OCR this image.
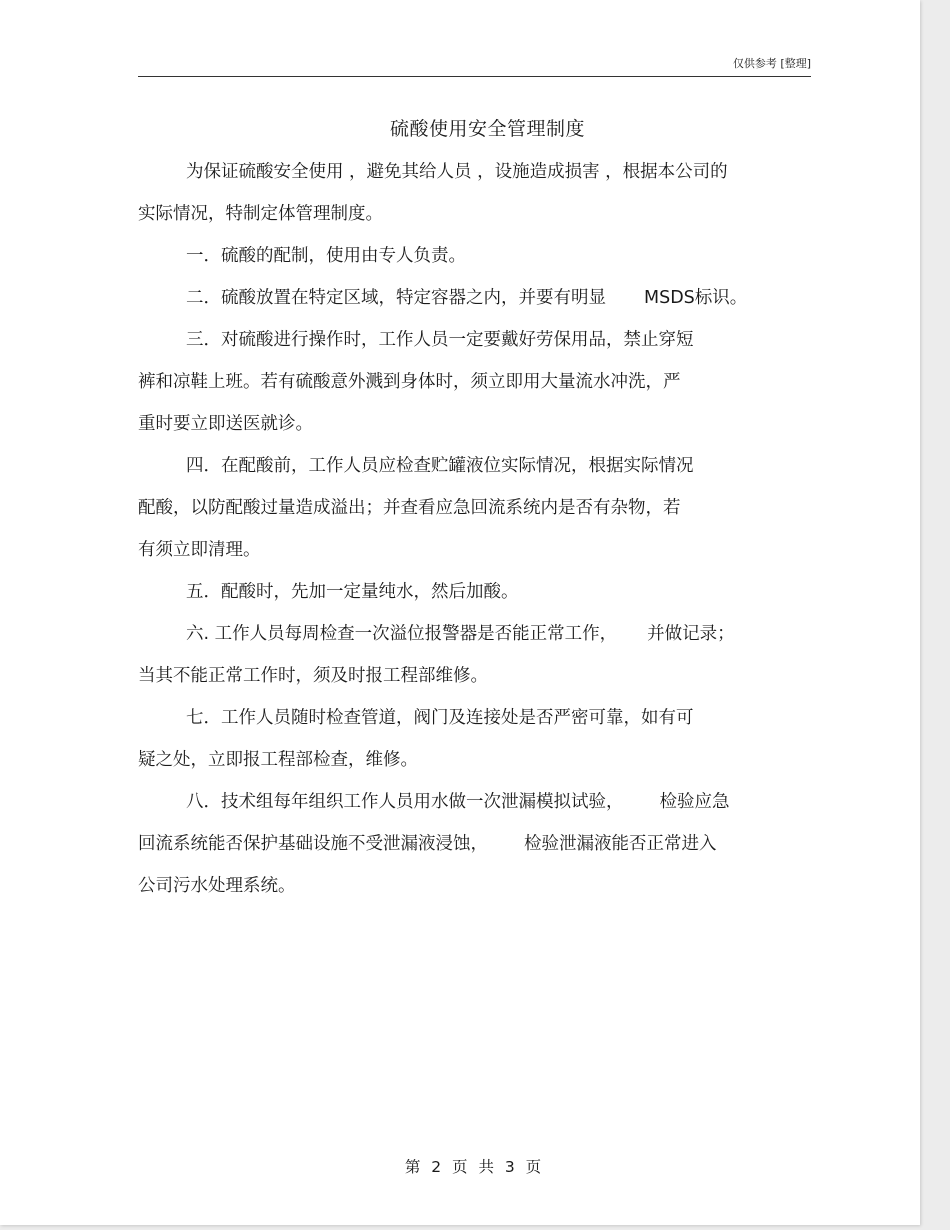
仅供参考 [整理]
硫酸使用安全管理制度
为保证硫酸安全使用 ，避免其给人员 ，设施造成损害 ，根据本公司的
实际情况，特制定体管理制度。
一．硫酸的配制，使用由专人负责。
二．硫酸放置在特定区域，特定容器之内，并要有明显 MSDS标识。
三．对硫酸进行操作时，工作人员一定要戴好劳保用品，禁止穿短
裤和凉鞋上班。若有硫酸意外溅到身体时，须立即用大量流水冲洗，严
重时要立即送医就诊。
四．在配酸前，工作人员应检查贮罐液位实际情况，根据实际情况
配酸，以防配酸过量造成溢出；并查看应急回流系统内是否有杂物，若
有须立即清理。
五．配酸时，先加一定量纯水，然后加酸。
六. 工作人员每周检查一次溢位报警器是否能正常工作， 并做记录；
当其不能正常工作时，须及时报工程部维修。
七．工作人员随时检查管道，阀门及连接处是否严密可靠，如有可
疑之处，立即报工程部检查，维修。
八．技术组每年组织工作人员用水做一次泄漏模拟试验， 检验应急
回流系统能否保护基础设施不受泄漏液浸蚀， 检验泄漏液能否正常进入
公司污水处理系统。
第 2 页 共 3 页
